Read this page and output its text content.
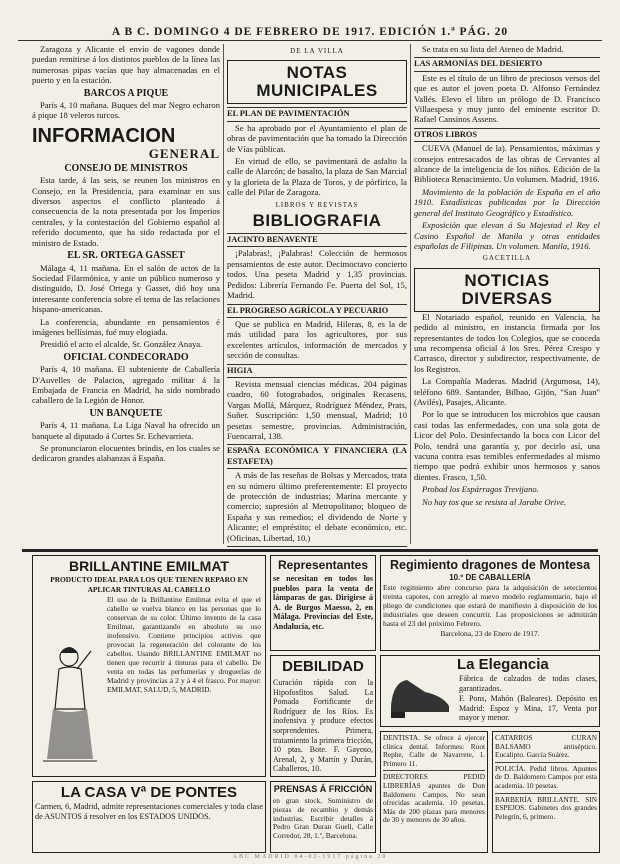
A B C. DOMINGO 4 DE FEBRERO DE 1917. EDICIÓN 1.ª PÁG. 20

Zaragoza y Alicante el envío de vagones donde puedan remitirse á los distintos pueblos de la línea las numerosas pipas vacías que hay almacenadas en el puerto y en la estación.

BARCOS A PIQUE

París 4, 10 mañana. Buques del mar Negro echaron á pique 18 veleros turcos.

INFORMACION
GENERAL
CONSEJO DE MINISTROS

Esta tarde, á las seis, se reunen los ministros en Consejo, en la Presidencia, para examinar en sus diversos aspectos el conflicto planteado á consecuencia de la nota presentada por los Imperios centrales, y la contestación del Gobierno español al referido documento, que ha sido redactada por el ministro de Estado.

EL SR. ORTEGA GASSET

Málaga 4, 11 mañana. En el salón de actos de la Sociedad Filarmónica, y ante un público numeroso y distinguido, D. José Ortega y Gasset, dió hoy una interesante conferencia sobre el tema de las relaciones hispano-americanas.

La conferencia, abundante en pensamientos é imágenes bellísimas, fué muy elogiada.

Presidió el acto el alcalde, Sr. González Anaya.

OFICIAL CONDECORADO

París 4, 10 mañana. El subteniente de Caballería D'Auvelles de Palacios, agregado militar á la Embajada de Francia en Madrid, ha sido nombrado caballero de la Legión de Honor.

UN BANQUETE

París 4, 11 mañana. La Liga Naval ha ofrecido un banquete al diputado á Cortes Sr. Echevarrieta.

Se pronunciaron elocuentes brindis, en los cuales se dedicaron grandes alabanzas á España.

DE LA VILLA
NOTAS MUNICIPALES
EL PLAN DE PAVIMENTACIÓN

Se ha aprobado por el Ayuntamiento el plan de obras de pavimentación que ha tomado la Dirección de Vías públicas.

En virtud de ello, se pavimentará de asfalto la calle de Alarcón; de basalto, la plaza de San Marcial y la glorieta de la Plaza de Toros, y de pórfirico, la calle del Pilar de Zaragoza.

LIBROS Y REVISTAS
BIBLIOGRAFIA
JACINTO BENAVENTE

¡Palabras!, ¡Palabras! Colección de hermosos pensamientos de este autor. Decimoctavo concierto todos. Una peseta Madrid y 1,35 provincias. Pedidos: Librería Fernando Fe. Puerta del Sol, 15, Madrid.

EL PROGRESO AGRÍCOLA Y PECUARIO

Que se publica en Madrid, Hileras, 8, es la de más utilidad para los agricultores, por sus excelentes artículos, información de mercados y sección de consultas.

HIGIA

Revista mensual ciencias médicas. 204 páginas cuadro, 60 fotograbados, originales Recasens, Vargas Mollá, Márquez, Rodríguez Méndez, Prats, Suñer. Suscripción: 1,50 mensual, Madrid; 10 pesetas semestre, provincias. Administración, Fuencarral, 138.

ESPAÑA ECONÓMICA Y FINANCIERA (LA ESTAFETA)

A más de las reseñas de Bolsas y Mercados, trata en su número último preferentemente: El proyecto de protección de industrias; Marina mercante y comercio; supresión al Metropolitano; bloqueo de España y sus remedios; el dividendo de Norte y Alicante; el empréstito; el debate económico, etc. (Oficinas, Libertad, 10.)

Se trata en su lista del Ateneo de Madrid.

LAS ARMONÍAS DEL DESIERTO

Este es el título de un libro de preciosos versos del que es autor el joven poeta D. Alfonso Fernández Vallés. Elevo el libro un prólogo de D. Francisco Villaespesa y muy junto del eminente escritor D. Rafael Cansinos Assens.

OTROS LIBROS

CUEVA (Manuel de la). Pensamientos, máximas y consejos entresacados de las obras de Cervantes al alcance de la inteligencia de los niños. Edición de la Biblioteca Renacimiento. Un volumen. Madrid, 1916.

Movimiento de la población de España en el año 1910. Estadísticas publicadas por la Dirección general del Instituto Geográfico y Estadístico.

Exposición que elevan á Su Majestad el Rey el Casino Español de Manila y otras entidades españolas de Filipinas. Un volumen. Manila, 1916.

GACETILLA
NOTICIAS DIVERSAS

El Notariado español, reunido en Valencia, ha pedido al ministro, en instancia firmada por los representantes de todos los Colegios, que se conceda una recompensa oficial á los Sres. Pérez Crespo y Carrasco, director y subdirector, respectivamente, de los Registros.

La Compañía Maderas. Madrid (Argumosa, 14), teléfono 689. Santander, Bilbao, Gijón, "San Juan" (Avilés), Pasajes, Alicante.

Por lo que se introducen los microbios que causan casi todas las enfermedades, con una sola gota de Licor del Polo. Desinfectando la boca con Licor del Polo, tendrá una garantía y, por decirlo así, una vacuna contra esas temibles enfermedades al mismo tiempo que podrá exhibir unos hermosos y sanos dientes. Frasco, 1,50.

Probad los Espárragos Trevijano.

No hay tos que se resista al Jarabe Orive.

BRILLANTINE EMILMAT
PRODUCTO IDEAL PARA LOS QUE TIENEN REPARO EN APLICAR TINTURAS AL CABELLO

El uso de la Brillantine Emilmat evita el que el cabello se vuelva blanco en las personas que lo conservan de su color. Último invento de la casa Emilmat, garantizando en absoluto su uso inofensivo. Contiene principios activos que provocan la regeneración del colorante de los cabellos. Usando BRILLANTINE EMILMAT no tienen que recurrir á tinturas para el cabello. De venta en todas las perfumerías y droguerías de Madrid y provincias á 2 y á 4 el frasco. Por mayor: EMILMAT, SALUD, 5, MADRID.

LA CASA Vª DE PONTES

Carmen, 6, Madrid, admite representaciones comerciales y toda clase de ASUNTOS á resolver en los ESTADOS UNIDOS.

Representantes

se necesitan en todos los pueblos para la venta de lámparas de gas. Dirigirse á A. de Burgos Maesso, 2, en Málaga. Provincias del Este, Andalucía, etc.

DEBILIDAD

Curación rápida con la Hipofosfitos Salud. La Pomada Fortificante de Rodríguez de los Ríos. Es inofensiva y produce efectos sorprendentes. Primera, tratamiento la primera fricción, 10 ptas. Bote. F. Gayoso, Arenal, 2, y Martín y Durán, Caballeros, 10.

PRENSAS Á FRICCIÓN

en gran stock, Suministro de piezas de recambio y demás industrias. Escribir detalles á Pedro Gran Duran Guell, Calle Corredor, 28, 1.º, Barcelona.

Regimiento dragones de Montesa
10.º DE CABALLERÍA

Este regimiento abre concurso para la adquisición de setecientos treinta capotes, con arreglo al nuevo modelo reglamentario, bajo el pliego de condiciones que estará de manifiesto á disposición de los industriales que deseen concurrir. Las proposiciones se admitirán hasta el 23 del próximo Febrero.

Barcelona, 23 de Enero de 1917.

La Elegancia

Fábrica de calzados de todas clases, garantizados.

F. Pons, Mahón (Baleares). Depósito en Madrid: Espoz y Mina, 17, Venta por mayor y menor.

DENTISTA. Se ofrece á ejercer clínica dental. Informes: Ruot Rephe, Calle de Navarrete, 1. Primero 11.

DIRECTORES PEDID LIBRERÍAS apuntes de Don Baldomero Campos. No sean ofrecidas academia. 10 pesetas. Más de 200 plazas para menores de 30 y menores de 30 años.

CATARROS CURAN BALSAMO antiséptico. Eucalipto. García Suárez.

POLICÍA. Pedid libros. Apuntes de D. Baldomero Campos por esta academia. 10 pesetas.

BARBERÍA BRILLANTE. SIN ESPEJOS. Gabinetes dos grandes Pelegrín, 6, primero.

ABC MADRID 04-02-1917 página 20
